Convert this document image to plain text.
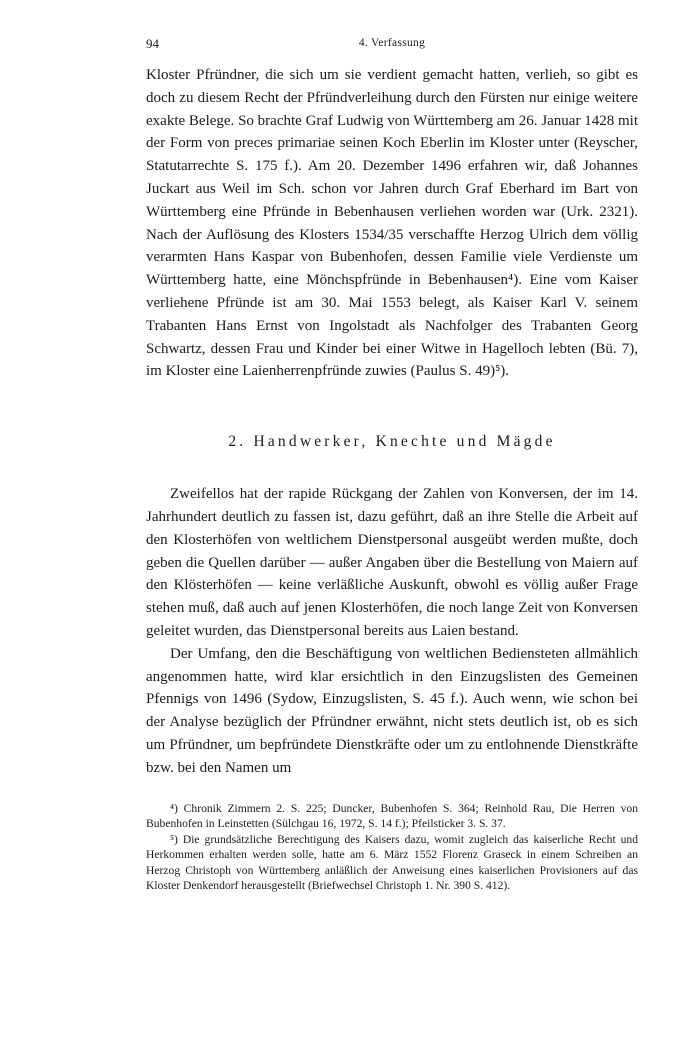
94	4. Verfassung

Kloster Pfründner, die sich um sie verdient gemacht hatten, verlieh, so gibt es doch zu diesem Recht der Pfründverleihung durch den Fürsten nur einige weitere exakte Belege. So brachte Graf Ludwig von Württemberg am 26. Januar 1428 mit der Form von preces primariae seinen Koch Eberlin im Kloster unter (Reyscher, Statutarrechte S. 175 f.). Am 20. Dezember 1496 erfahren wir, daß Johannes Juckart aus Weil im Sch. schon vor Jahren durch Graf Eberhard im Bart von Württemberg eine Pfründe in Bebenhausen verliehen worden war (Urk. 2321). Nach der Auflösung des Klosters 1534/35 verschaffte Herzog Ulrich dem völlig verarmten Hans Kaspar von Bubenhofen, dessen Familie viele Verdienste um Württemberg hatte, eine Mönchspfründe in Bebenhausen⁴). Eine vom Kaiser verliehene Pfründe ist am 30. Mai 1553 belegt, als Kaiser Karl V. seinem Trabanten Hans Ernst von Ingolstadt als Nachfolger des Trabanten Georg Schwartz, dessen Frau und Kinder bei einer Witwe in Hagelloch lebten (Bü. 7), im Kloster eine Laienherrenpfründe zuwies (Paulus S. 49)⁵).

2. Handwerker, Knechte und Mägde

Zweifellos hat der rapide Rückgang der Zahlen von Konversen, der im 14. Jahrhundert deutlich zu fassen ist, dazu geführt, daß an ihre Stelle die Arbeit auf den Klosterhöfen von weltlichem Dienstpersonal ausgeübt werden mußte, doch geben die Quellen darüber — außer Angaben über die Bestellung von Maiern auf den Klösterhöfen — keine verläßliche Auskunft, obwohl es völlig außer Frage stehen muß, daß auch auf jenen Klosterhöfen, die noch lange Zeit von Konversen geleitet wurden, das Dienstpersonal bereits aus Laien bestand.

Der Umfang, den die Beschäftigung von weltlichen Bediensteten allmählich angenommen hatte, wird klar ersichtlich in den Einzugslisten des Gemeinen Pfennigs von 1496 (Sydow, Einzugslisten, S. 45 f.). Auch wenn, wie schon bei der Analyse bezüglich der Pfründner erwähnt, nicht stets deutlich ist, ob es sich um Pfründner, um bepfründete Dienstkräfte oder um zu entlohnende Dienstkräfte bzw. bei den Namen um

⁴) Chronik Zimmern 2. S. 225; Duncker, Bubenhofen S. 364; Reinhold Rau, Die Herren von Bubenhofen in Leinstetten (Sülchgau 16, 1972, S. 14 f.); Pfeilsticker 3. S. 37.

⁵) Die grundsätzliche Berechtigung des Kaisers dazu, womit zugleich das kaiserliche Recht und Herkommen erhalten werden solle, hatte am 6. März 1552 Florenz Graseck in einem Schreiben an Herzog Christoph von Württemberg anläßlich der Anweisung eines kaiserlichen Provisioners auf das Kloster Denkendorf herausgestellt (Briefwechsel Christoph 1. Nr. 390 S. 412).
